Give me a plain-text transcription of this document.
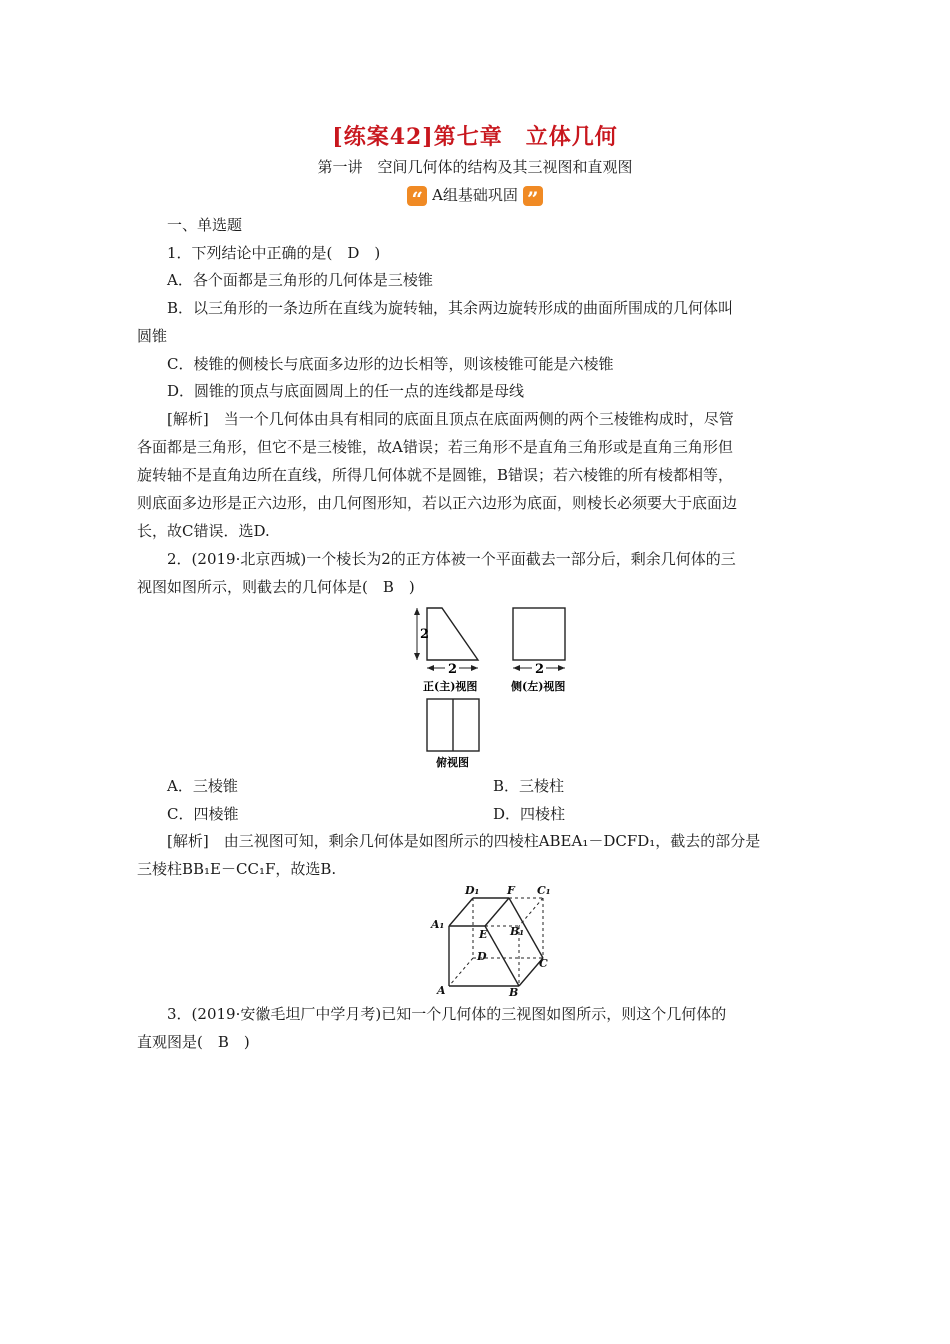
[练案42]第七章　立体几何
第一讲　空间几何体的结构及其三视图和直观图
“ A组基础巩固 ”
一、单选题
1．下列结论中正确的是(　D　)
A．各个面都是三角形的几何体是三棱锥
B．以三角形的一条边所在直线为旋转轴，其余两边旋转形成的曲面所围成的几何体叫
圆锥
C．棱锥的侧棱长与底面多边形的边长相等，则该棱锥可能是六棱锥
D．圆锥的顶点与底面圆周上的任一点的连线都是母线
[解析]　当一个几何体由具有相同的底面且顶点在底面两侧的两个三棱锥构成时，尽管
各面都是三角形，但它不是三棱锥，故A错误；若三角形不是直角三角形或是直角三角形但
旋转轴不是直角边所在直线，所得几何体就不是圆锥，B错误；若六棱锥的所有棱都相等，
则底面多边形是正六边形，由几何图形知，若以正六边形为底面，则棱长必须要大于底面边
长，故C错误．选D.
2．(2019·北京西城)一个棱长为2的正方体被一个平面截去一部分后，剩余几何体的三
视图如图所示，则截去的几何体是(　B　)
2
2
正(主)视图
2
侧(左)视图
俯视图
A．三棱锥	B．三棱柱
C．四棱锥	D．四棱柱
[解析]　由三视图可知，剩余几何体是如图所示的四棱柱ABEA₁－DCFD₁，截去的部分是
三棱柱BB₁E－CC₁F，故选B.
D₁	F C₁
A₁
E B₁
D
C
A	B
3．(2019·安徽毛坦厂中学月考)已知一个几何体的三视图如图所示，则这个几何体的
直观图是(　B　)
